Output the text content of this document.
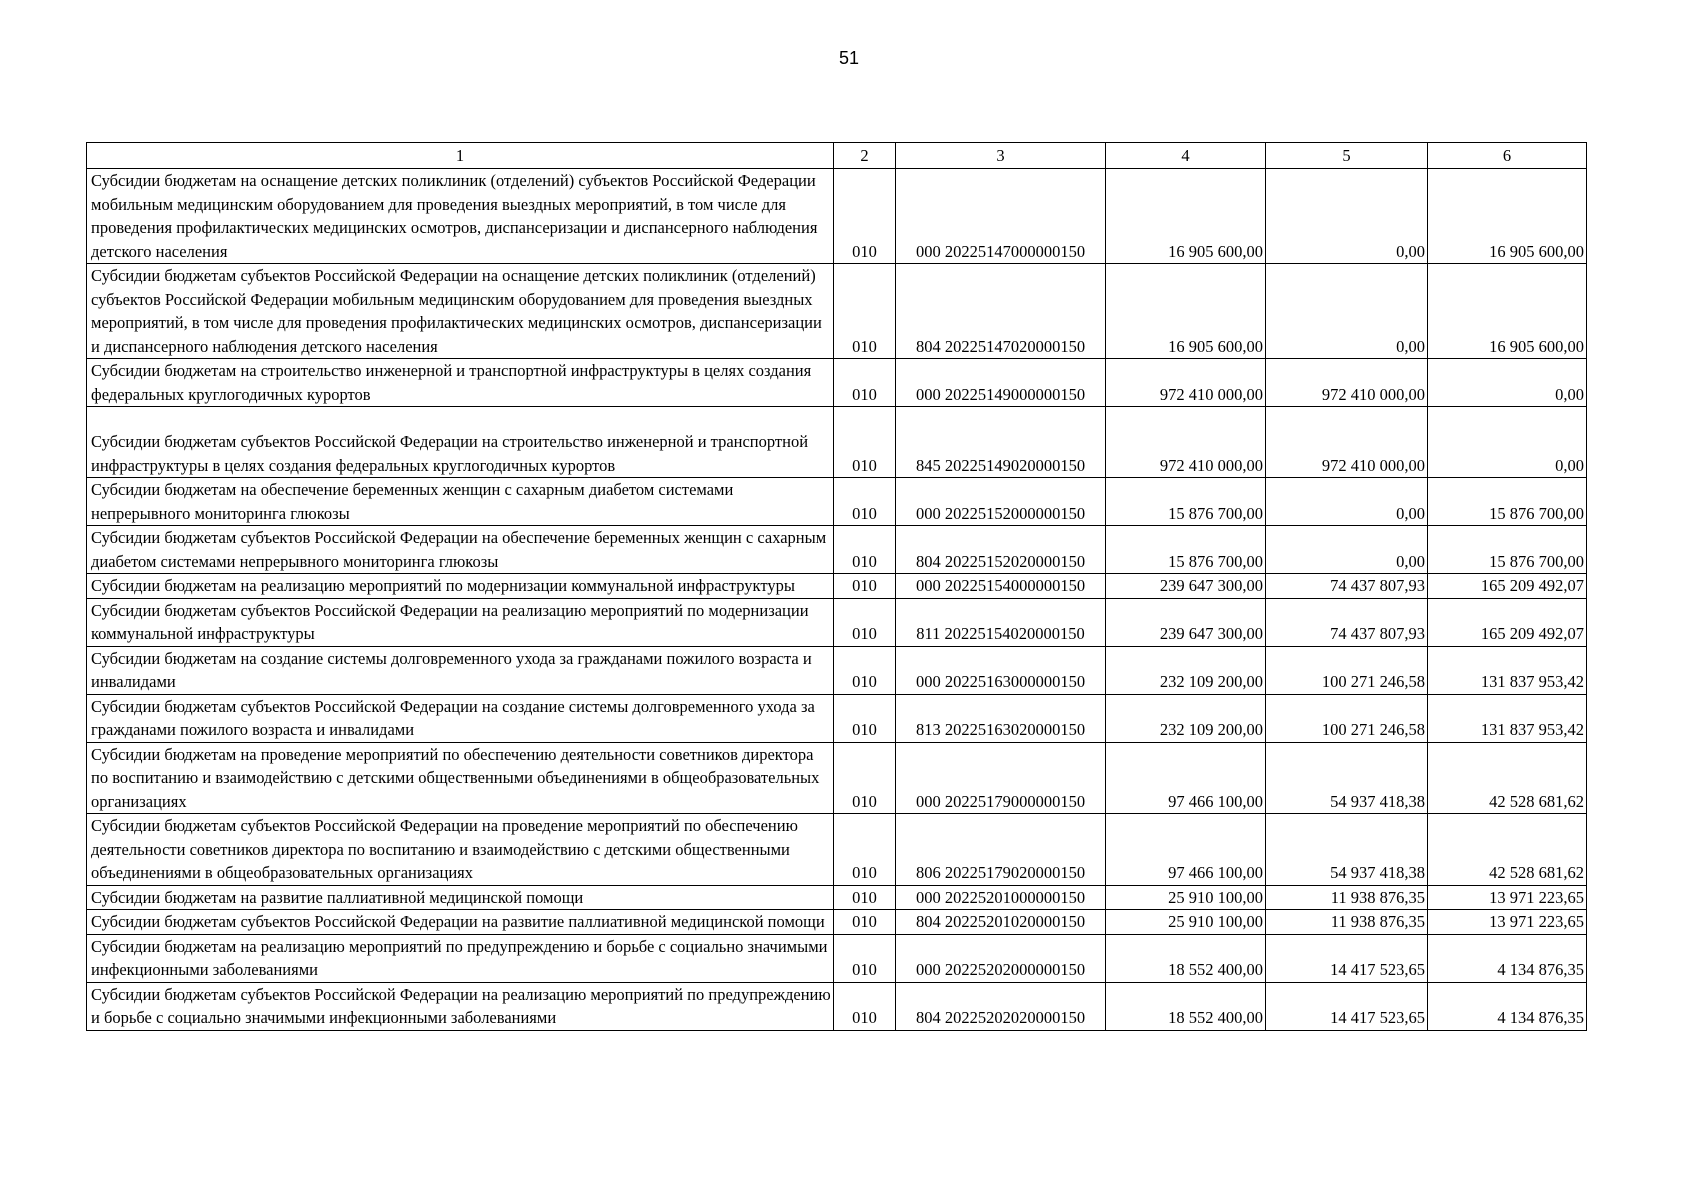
51
1	2	3	4	5	6
Субсидии бюджетам на оснащение детских поликлиник (отделений) субъектов Российской Федерации мобильным медицинским оборудованием для проведения выездных мероприятий, в том числе для проведения профилактических медицинских осмотров, диспансеризации и диспансерного наблюдения детского населения	010	000 20225147000000150	16 905 600,00	0,00	16 905 600,00
Субсидии бюджетам субъектов Российской Федерации на оснащение детских поликлиник (отделений) субъектов Российской Федерации мобильным медицинским оборудованием для проведения выездных мероприятий, в том числе для проведения профилактических медицинских осмотров, диспансеризации и диспансерного наблюдения детского населения	010	804 20225147020000150	16 905 600,00	0,00	16 905 600,00
Субсидии бюджетам на строительство инженерной и транспортной инфраструктуры в целях создания федеральных круглогодичных курортов	010	000 20225149000000150	972 410 000,00	972 410 000,00	0,00
Субсидии бюджетам субъектов Российской Федерации на строительство инженерной и транспортной инфраструктуры в целях создания федеральных круглогодичных курортов	010	845 20225149020000150	972 410 000,00	972 410 000,00	0,00
Субсидии бюджетам на обеспечение беременных женщин с сахарным диабетом системами непрерывного мониторинга глюкозы	010	000 20225152000000150	15 876 700,00	0,00	15 876 700,00
Субсидии бюджетам субъектов Российской Федерации на обеспечение беременных женщин с сахарным диабетом системами непрерывного мониторинга глюкозы	010	804 20225152020000150	15 876 700,00	0,00	15 876 700,00
Субсидии бюджетам на реализацию мероприятий по модернизации коммунальной инфраструктуры	010	000 20225154000000150	239 647 300,00	74 437 807,93	165 209 492,07
Субсидии бюджетам субъектов Российской Федерации на реализацию мероприятий по модернизации коммунальной инфраструктуры	010	811 20225154020000150	239 647 300,00	74 437 807,93	165 209 492,07
Субсидии бюджетам на создание системы долговременного ухода за гражданами пожилого возраста и инвалидами	010	000 20225163000000150	232 109 200,00	100 271 246,58	131 837 953,42
Субсидии бюджетам субъектов Российской Федерации на создание системы долговременного ухода за гражданами пожилого возраста и инвалидами	010	813 20225163020000150	232 109 200,00	100 271 246,58	131 837 953,42
Субсидии бюджетам на проведение мероприятий по обеспечению деятельности советников директора по воспитанию и взаимодействию с детскими общественными объединениями в общеобразовательных организациях	010	000 20225179000000150	97 466 100,00	54 937 418,38	42 528 681,62
Субсидии бюджетам субъектов Российской Федерации на проведение мероприятий по обеспечению деятельности советников директора по воспитанию и взаимодействию с детскими общественными объединениями в общеобразовательных организациях	010	806 20225179020000150	97 466 100,00	54 937 418,38	42 528 681,62
Субсидии бюджетам на развитие паллиативной медицинской помощи	010	000 20225201000000150	25 910 100,00	11 938 876,35	13 971 223,65
Субсидии бюджетам субъектов Российской Федерации на развитие паллиативной медицинской помощи	010	804 20225201020000150	25 910 100,00	11 938 876,35	13 971 223,65
Субсидии бюджетам на реализацию мероприятий по предупреждению и борьбе с социально значимыми инфекционными заболеваниями	010	000 20225202000000150	18 552 400,00	14 417 523,65	4 134 876,35
Субсидии бюджетам субъектов Российской Федерации на реализацию мероприятий по предупреждению и борьбе с социально значимыми инфекционными заболеваниями	010	804 20225202020000150	18 552 400,00	14 417 523,65	4 134 876,35
